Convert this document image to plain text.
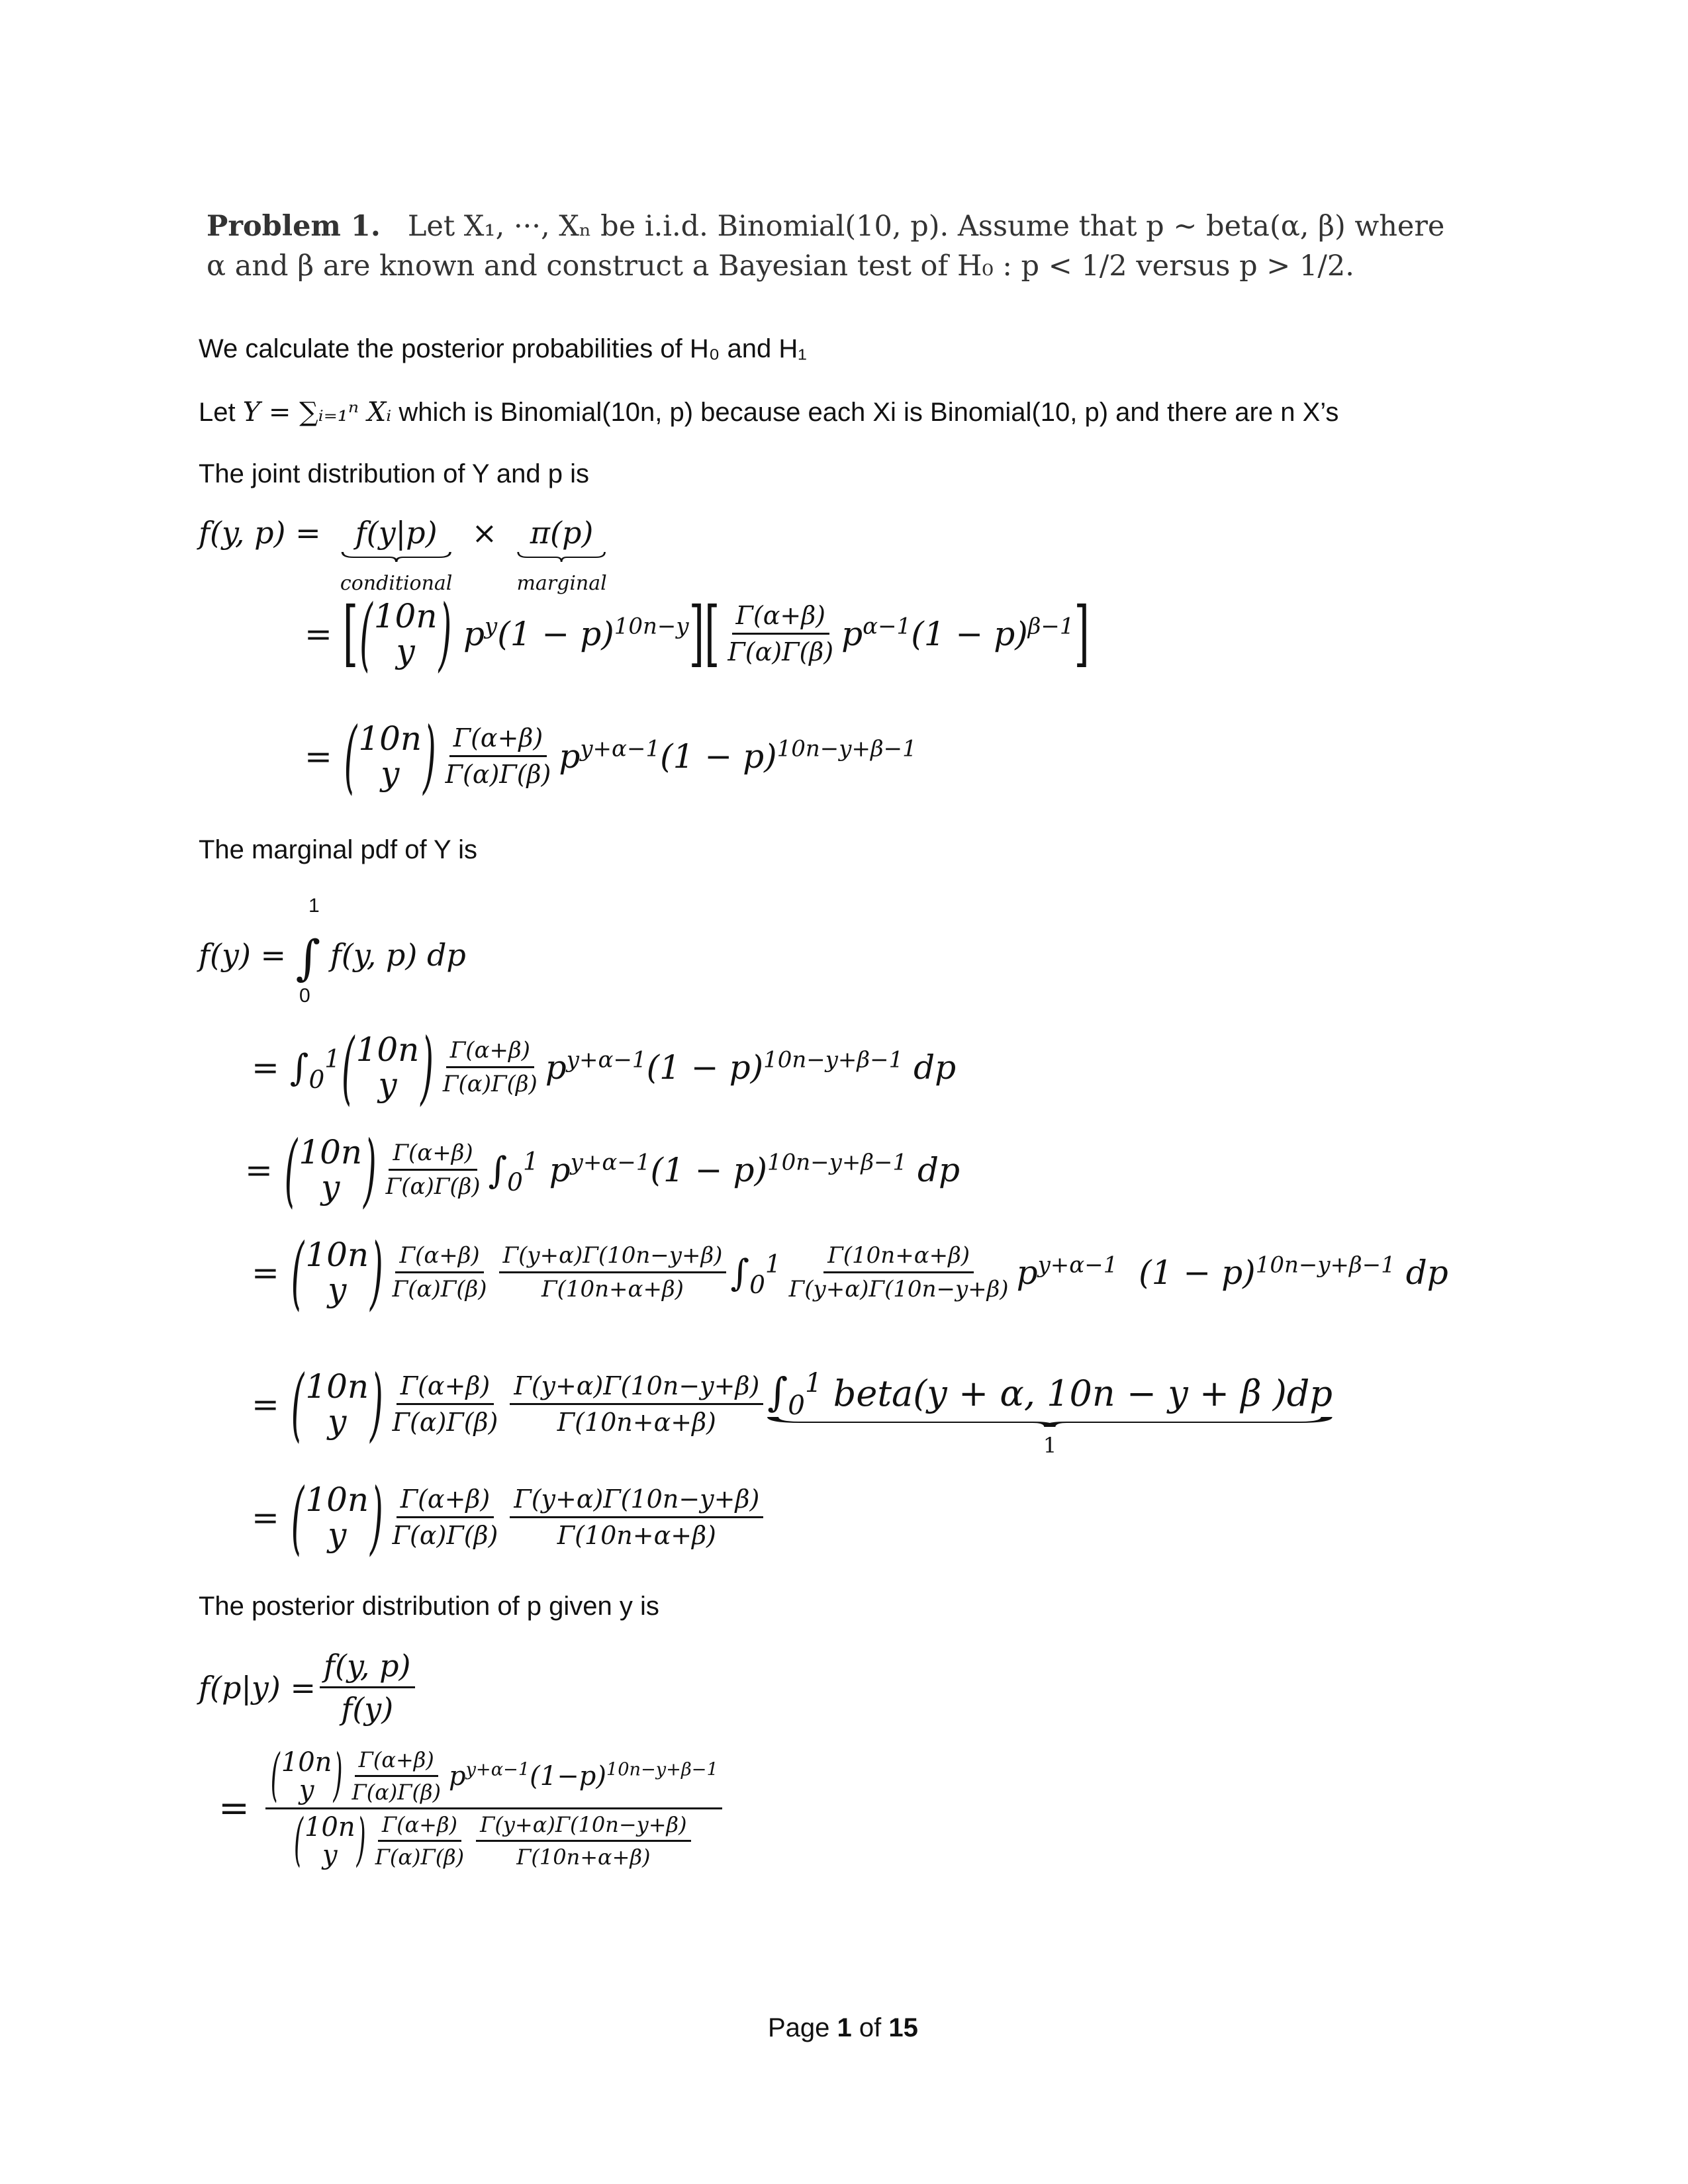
Problem 1. Let X₁, ···, Xₙ be i.i.d. Binomial(10, p). Assume that p ~ beta(α, β) where
α and β are known and construct a Bayesian test of H₀ : p < 1/2 versus p > 1/2.
We calculate the posterior probabilities of H₀ and H₁
Let Y = ∑ᵢ₌₁ⁿ Xᵢ which is Binomial(10n, p) because each Xi is Binomial(10, p) and there are n X’s
The joint distribution of Y and p is
f(y, p) = f(y|p)
conditional
× π(p)
marginal
= [ ( 10n
y ) $p^y(1 - p)^{10n-y}$ ] [ $\frac{\Gamma(\alpha+\beta)}{\Gamma(\alpha)\Gamma(\beta)} p^{\alpha-1}(1 - p)^{\beta-1}$ ]
= ( 10n
y ) $\frac{\Gamma(\alpha+\beta)}{\Gamma(\alpha)\Gamma(\beta)} p^{y+\alpha-1}(1 - p)^{10n-y+\beta-1}$
The marginal pdf of Y is
1
f(y) = ∫ f(y, p) dp
0
= $\int_0^1$ ( 10n
y ) $\frac{\Gamma(\alpha+\beta)}{\Gamma(\alpha)\Gamma(\beta)} p^{y+\alpha-1}(1 - p)^{10n-y+\beta-1}$ dp
= ( 10n
y ) $\frac{\Gamma(\alpha+\beta)}{\Gamma(\alpha)\Gamma(\beta)} \int_0^1$ $p^{y+\alpha-1}(1 - p)^{10n-y+\beta-1}$ dp
= ( 10n
y ) $\frac{\Gamma(\alpha+\beta)}{\Gamma(\alpha)\Gamma(\beta)} \frac{\Gamma(y+\alpha)\Gamma(10n-y+\beta)}{\Gamma(10n+\alpha+\beta)} \int_0^1 \frac{\Gamma(10n+\alpha+\beta)}{\Gamma(y+\alpha)\Gamma(10n-y+\beta)} p^{y+\alpha-1}$  $(1 - p)^{10n-y+\beta-1}$ dp
= ( 10n
y ) $\frac{\Gamma(\alpha+\beta)}{\Gamma(\alpha)\Gamma(\beta)} \frac{\Gamma(y+\alpha)\Gamma(10n-y+\beta)}{\Gamma(10n+\alpha+\beta)} \int_0^1$ beta(y + α, 10n − y + β )dp
1
= ( 10n
y ) $\frac{\Gamma(\alpha+\beta)}{\Gamma(\alpha)\Gamma(\beta)} \frac{\Gamma(y+\alpha)\Gamma(10n-y+\beta)}{\Gamma(10n+\alpha+\beta)}$
The posterior distribution of p given y is
$f(p|y) = \frac{f(y, p)}{f(y)}$
= ( 10n
y ) $\frac{\Gamma(\alpha+\beta)}{\Gamma(\alpha)\Gamma(\beta)} p^{y+\alpha-1}(1-p)^{10n-y+\beta-1}$
( 10n
y ) $\frac{\Gamma(\alpha+\beta)}{\Gamma(\alpha)\Gamma(\beta)} \frac{\Gamma(y+\alpha)\Gamma(10n-y+\beta)}{\Gamma(10n+\alpha+\beta)}$
Page 1 of 15
